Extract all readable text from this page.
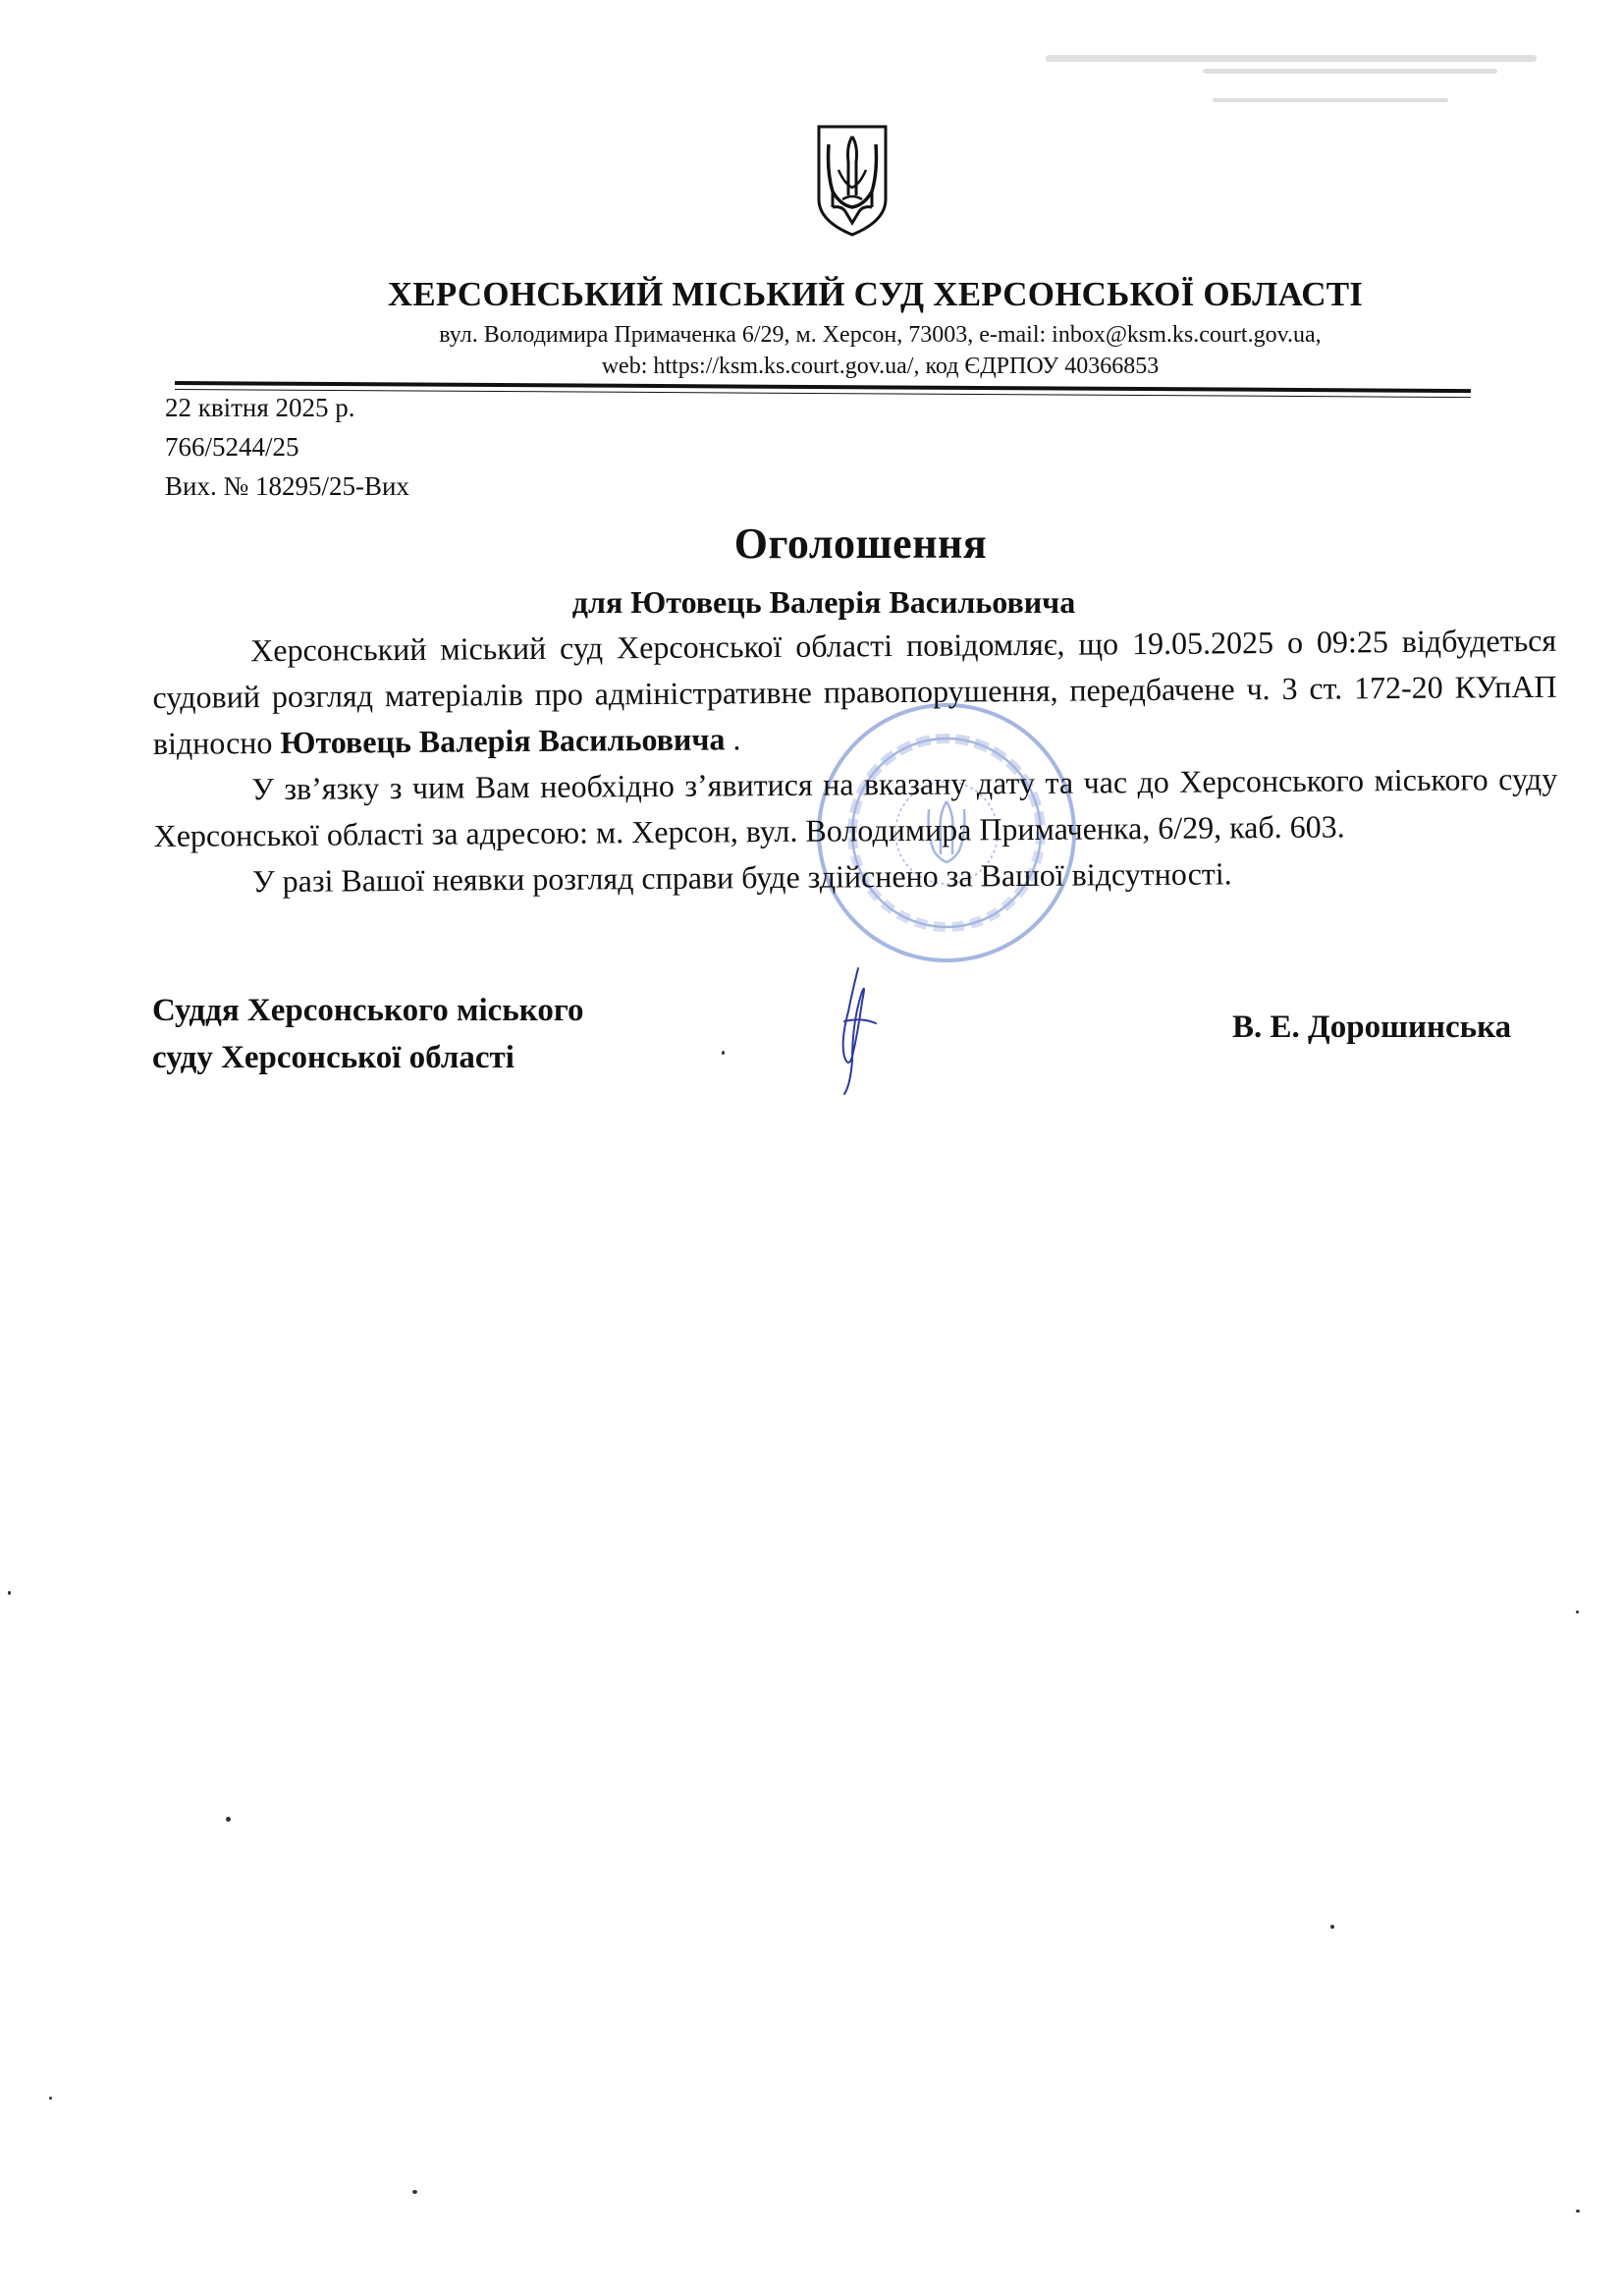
ХЕРСОНСЬКИЙ МІСЬКИЙ СУД ХЕРСОНСЬКОЇ ОБЛАСТІ
вул. Володимира Примаченка 6/29, м. Херсон, 73003, e-mail: inbox@ksm.ks.court.gov.ua,
web: https://ksm.ks.court.gov.ua/, код ЄДРПОУ 40366853
22 квітня 2025 р.
766/5244/25
Вих. № 18295/25-Вих
Оголошення
для Ютовець Валерія Васильовича

Херсонський міський суд Херсонської області повідомляє, що 19.05.2025 о 09:25 відбудеться судовий розгляд матеріалів про адміністративне правопорушення, передбачене ч. 3 ст. 172-20 КУпАП відносно Ютовець Валерія Васильовича .

У зв’язку з чим Вам необхідно з’явитися на вказану дату та час до Херсонського міського суду Херсонської області за адресою: м. Херсон, вул. Володимира Примаченка, 6/29, каб. 603.

У разі Вашої неявки розгляд справи буде здійснено за Вашої відсутності.

Суддя Херсонського міського
суду Херсонської області
В. Е. Дорошинська
